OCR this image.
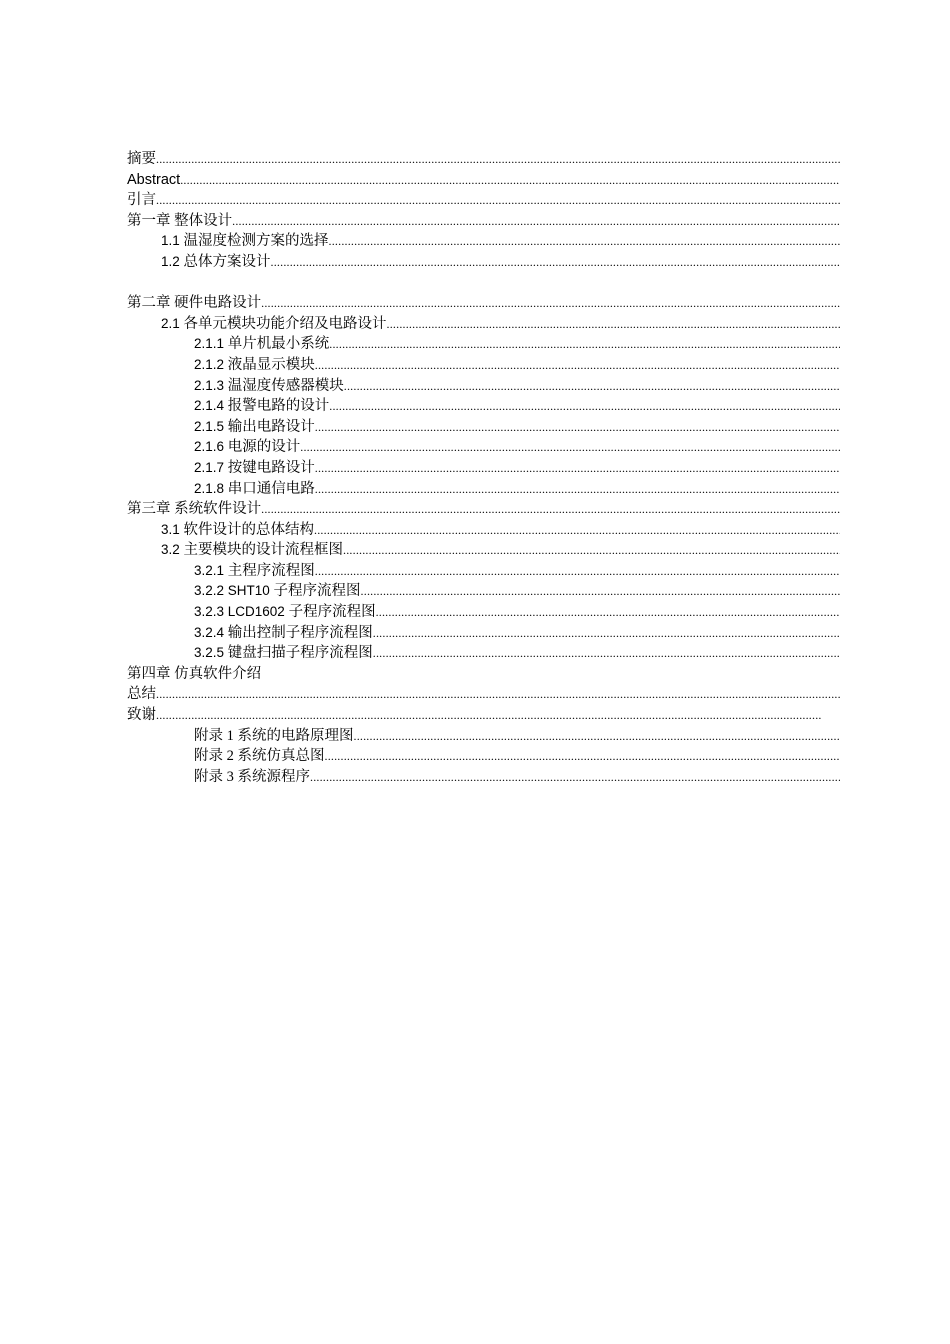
摘要
.....
Abstract
.....
引言
.....
第一章 整体设计
.....
1.1 温湿度检测方案的选择
.....
1.2 总体方案设计
.....
第二章 硬件电路设计
.....
2.1 各单元模块功能介绍及电路设计
.....
2.1.1 单片机最小系统
.....
2.1.2 液晶显示模块
.....
2.1.3 温湿度传感器模块
.....
2.1.4 报警电路的设计
.....
2.1.5 输出电路设计
.....
2.1.6 电源的设计
.....
2.1.7 按键电路设计
.....
2.1.8 串口通信电路
.....
第三章 系统软件设计
.....
3.1 软件设计的总体结构
.....
3.2 主要模块的设计流程框图
.....
3.2.1 主程序流程图
.....
3.2.2 SHT10 子程序流程图
.....
3.2.3 LCD1602 子程序流程图
.....
3.2.4 输出控制子程序流程图
.....
3.2.5 键盘扫描子程序流程图
.....
第四章 仿真软件介绍
总结
.....
致谢
.....
附录 1 系统的电路原理图
.....
附录 2 系统仿真总图
.....
附录 3 系统源程序
.....
